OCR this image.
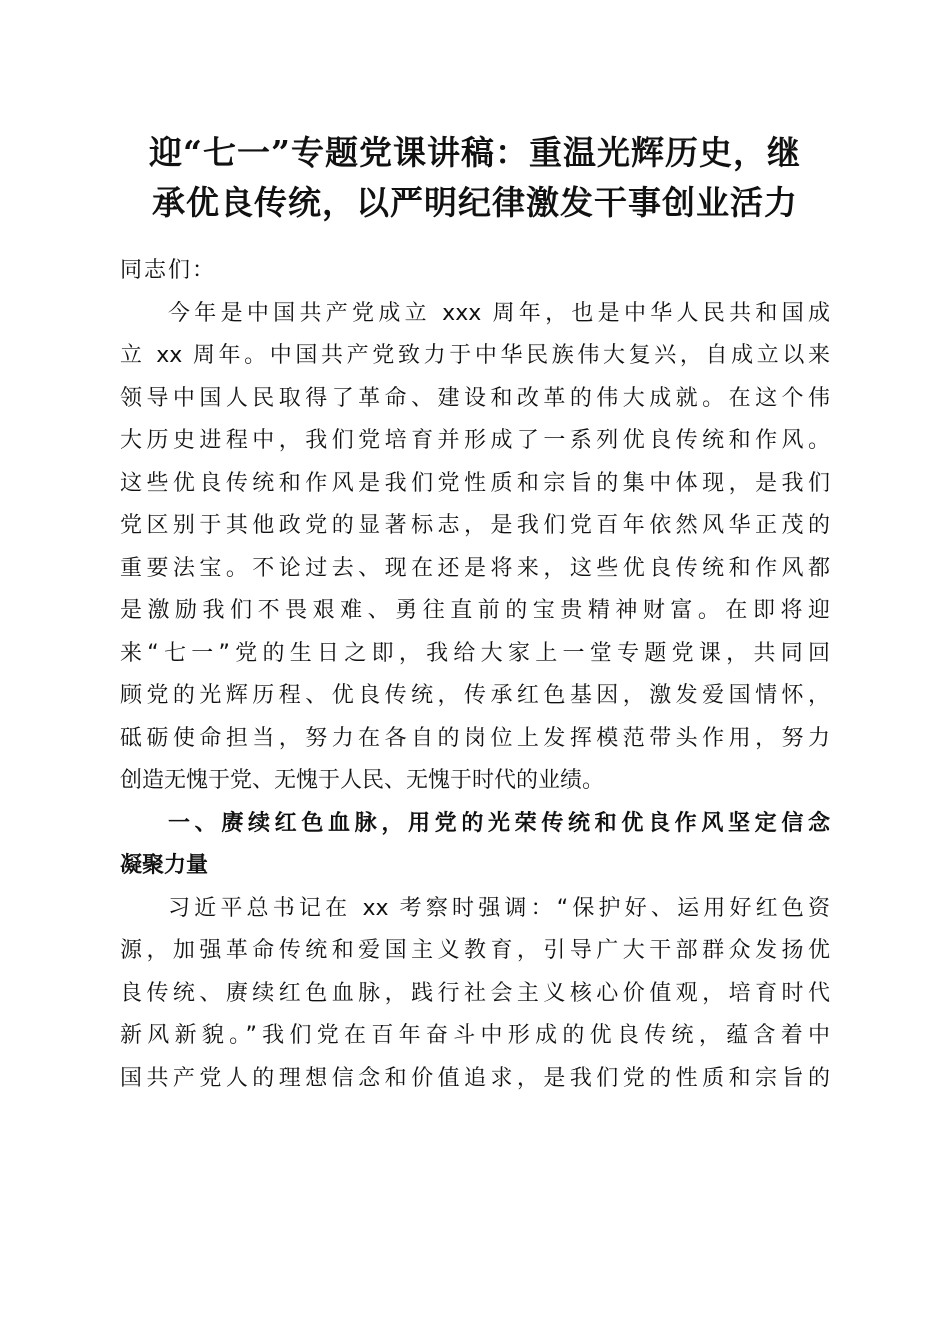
迎“七一”专题党课讲稿：重温光辉历史，继
承优良传统，以严明纪律激发干事创业活力
同志们：
今年是中国共产党成立 xxx 周年，也是中华人民共和国成
立 xx 周年。中国共产党致力于中华民族伟大复兴，自成立以来
领导中国人民取得了革命、建设和改革的伟大成就。在这个伟
大历史进程中，我们党培育并形成了一系列优良传统和作风。
这些优良传统和作风是我们党性质和宗旨的集中体现，是我们
党区别于其他政党的显著标志，是我们党百年依然风华正茂的
重要法宝。不论过去、现在还是将来，这些优良传统和作风都
是激励我们不畏艰难、勇往直前的宝贵精神财富。在即将迎
来“七一”党的生日之即，我给大家上一堂专题党课，共同回
顾党的光辉历程、优良传统，传承红色基因，激发爱国情怀，
砥砺使命担当，努力在各自的岗位上发挥模范带头作用，努力
创造无愧于党、无愧于人民、无愧于时代的业绩。
一、赓续红色血脉，用党的光荣传统和优良作风坚定信念
凝聚力量
习近平总书记在 xx 考察时强调：“保护好、运用好红色资
源，加强革命传统和爱国主义教育，引导广大干部群众发扬优
良传统、赓续红色血脉，践行社会主义核心价值观，培育时代
新风新貌。”我们党在百年奋斗中形成的优良传统，蕴含着中
国共产党人的理想信念和价值追求，是我们党的性质和宗旨的
